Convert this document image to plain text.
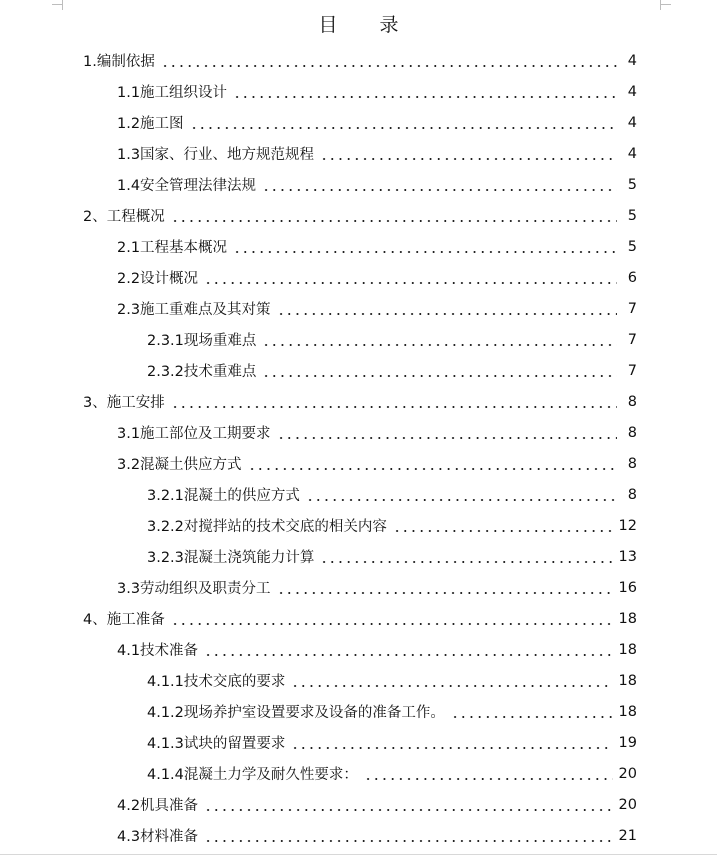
目 录
1.编制依据	4
1.1施工组织设计	4
1.2施工图	4
1.3国家、行业、地方规范规程	4
1.4安全管理法律法规	5
2、工程概况	5
2.1工程基本概况	5
2.2设计概况	6
2.3施工重难点及其对策	7
2.3.1现场重难点	7
2.3.2技术重难点	7
3、施工安排	8
3.1施工部位及工期要求	8
3.2混凝土供应方式	8
3.2.1混凝土的供应方式	8
3.2.2对搅拌站的技术交底的相关内容	12
3.2.3混凝土浇筑能力计算	13
3.3劳动组织及职责分工	16
4、施工准备	18
4.1技术准备	18
4.1.1技术交底的要求	18
4.1.2现场养护室设置要求及设备的准备工作。	18
4.1.3试块的留置要求	19
4.1.4混凝土力学及耐久性要求：	20
4.2机具准备	20
4.3材料准备	21
